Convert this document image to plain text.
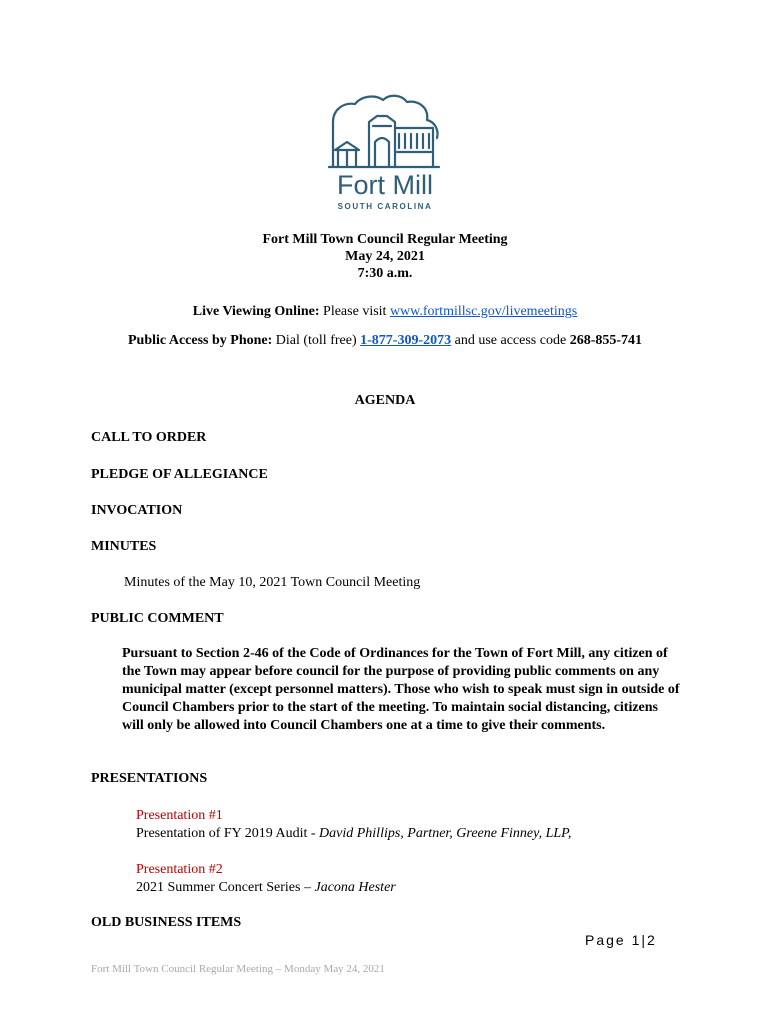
Fort Mill
SOUTH CAROLINA
Fort Mill Town Council Regular Meeting
May 24, 2021
7:30 a.m.
Live Viewing Online: Please visit www.fortmillsc.gov/livemeetings
Public Access by Phone: Dial (toll free) 1-877-309-2073 and use access code 268-855-741
AGENDA
CALL TO ORDER
PLEDGE OF ALLEGIANCE
INVOCATION
MINUTES
Minutes of the May 10, 2021 Town Council Meeting
PUBLIC COMMENT
Pursuant to Section 2-46 of the Code of Ordinances for the Town of Fort Mill, any citizen of the Town may appear before council for the purpose of providing public comments on any municipal matter (except personnel matters). Those who wish to speak must sign in outside of Council Chambers prior to the start of the meeting. To maintain social distancing, citizens will only be allowed into Council Chambers one at a time to give their comments.
PRESENTATIONS
Presentation #1
Presentation of FY 2019 Audit - David Phillips, Partner, Greene Finney, LLP,
Presentation #2
2021 Summer Concert Series – Jacona Hester
OLD BUSINESS ITEMS
Page 1|2
Fort Mill Town Council Regular Meeting – Monday May 24, 2021
